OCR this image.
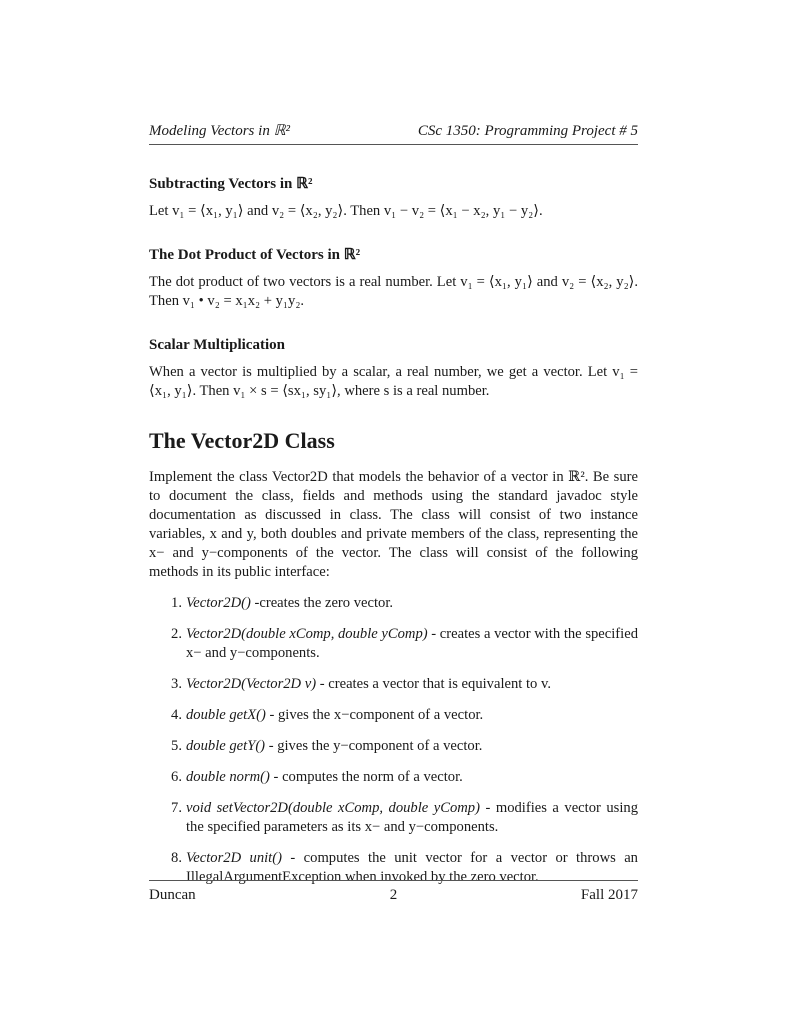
Modeling Vectors in ℝ²	CSc 1350: Programming Project # 5
Subtracting Vectors in ℝ²

Let v₁ = ⟨x₁, y₁⟩ and v₂ = ⟨x₂, y₂⟩. Then v₁ − v₂ = ⟨x₁ − x₂, y₁ − y₂⟩.

The Dot Product of Vectors in ℝ²

The dot product of two vectors is a real number. Let v₁ = ⟨x₁, y₁⟩ and v₂ = ⟨x₂, y₂⟩. Then v₁ • v₂ = x₁x₂ + y₁y₂.

Scalar Multiplication

When a vector is multiplied by a scalar, a real number, we get a vector. Let v₁ = ⟨x₁, y₁⟩. Then v₁ × s = ⟨sx₁, sy₁⟩, where s is a real number.

The Vector2D Class

Implement the class Vector2D that models the behavior of a vector in ℝ². Be sure to document the class, fields and methods using the standard javadoc style documentation as discussed in class. The class will consist of two instance variables, x and y, both doubles and private members of the class, representing the x− and y−components of the vector. The class will consist of the following methods in its public interface:

1. Vector2D() -creates the zero vector.
2. Vector2D(double xComp, double yComp) - creates a vector with the specified x− and y−components.
3. Vector2D(Vector2D v) - creates a vector that is equivalent to v.
4. double getX() - gives the x−component of a vector.
5. double getY() - gives the y−component of a vector.
6. double norm() - computes the norm of a vector.
7. void setVector2D(double xComp, double yComp) - modifies a vector using the specified parameters as its x− and y−components.
8. Vector2D unit() - computes the unit vector for a vector or throws an IllegalArgumentException when invoked by the zero vector.
Duncan	2	Fall 2017
